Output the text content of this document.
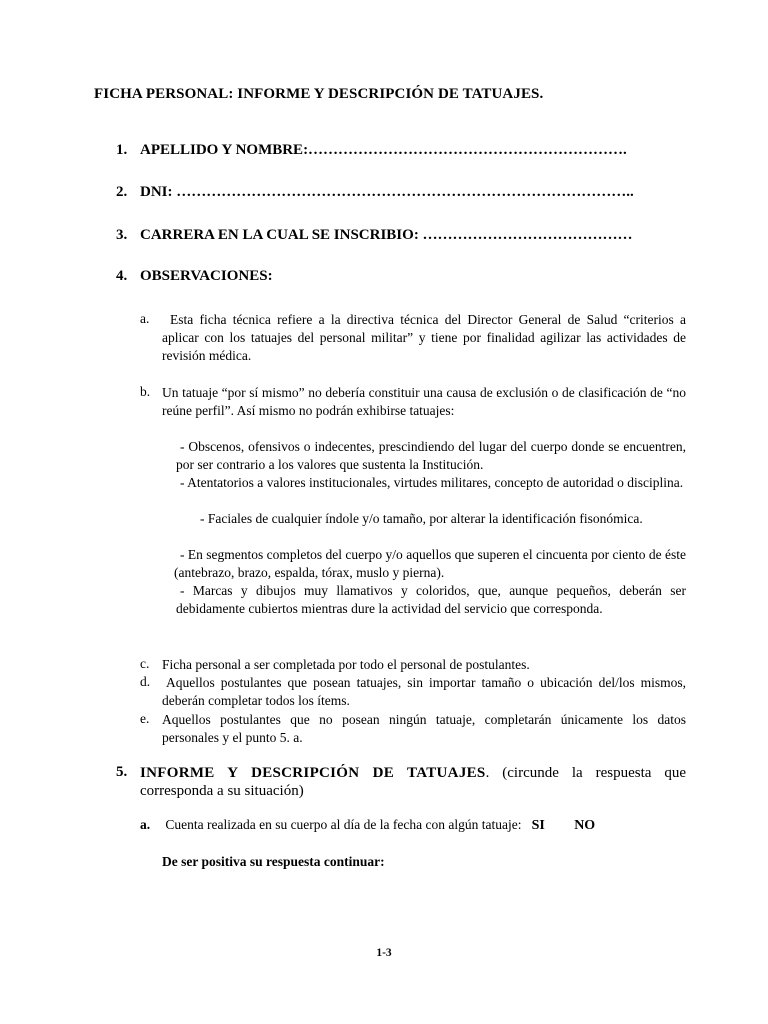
FICHA PERSONAL: INFORME Y DESCRIPCIÓN DE TATUAJES.
1. APELLIDO Y NOMBRE:……………………………………………………….
2. DNI: ………………………………………………………………………………..
3. CARRERA EN LA CUAL SE INSCRIBIO: ……………………………………
4. OBSERVACIONES:
a.	Esta ficha técnica refiere a la directiva técnica del Director General de Salud “criterios a aplicar con los tatuajes del personal militar” y tiene por finalidad agilizar las actividades de revisión médica.
b. Un tatuaje “por sí mismo” no debería constituir una causa de exclusión o de clasificación de “no reúne perfil”. Así mismo no podrán exhibirse tatuajes:
- Obscenos, ofensivos o indecentes, prescindiendo del lugar del cuerpo donde se encuentren, por ser contrario a los valores que sustenta la Institución.
- Atentatorios a valores institucionales, virtudes militares, concepto de autoridad o disciplina.
- Faciales de cualquier índole y/o tamaño, por alterar la identificación fisonómica.
- En segmentos completos del cuerpo y/o aquellos que superen el cincuenta por ciento de éste (antebrazo, brazo, espalda, tórax, muslo y pierna).
- Marcas y dibujos muy llamativos y coloridos, que, aunque pequeños, deberán ser debidamente cubiertos mientras dure la actividad del servicio que corresponda.
c. Ficha personal a ser completada por todo el personal de postulantes.
d. Aquellos postulantes que posean tatuajes, sin importar tamaño o ubicación del/los mismos, deberán completar todos los ítems.
e. Aquellos postulantes que no posean ningún tatuaje, completarán únicamente los datos personales y el punto 5. a.
5. INFORME Y DESCRIPCIÓN DE TATUAJES. (circunde la respuesta que corresponda a su situación)
a. Cuenta realizada en su cuerpo al día de la fecha con algún tatuaje: SI NO
De ser positiva su respuesta continuar:
1-3
